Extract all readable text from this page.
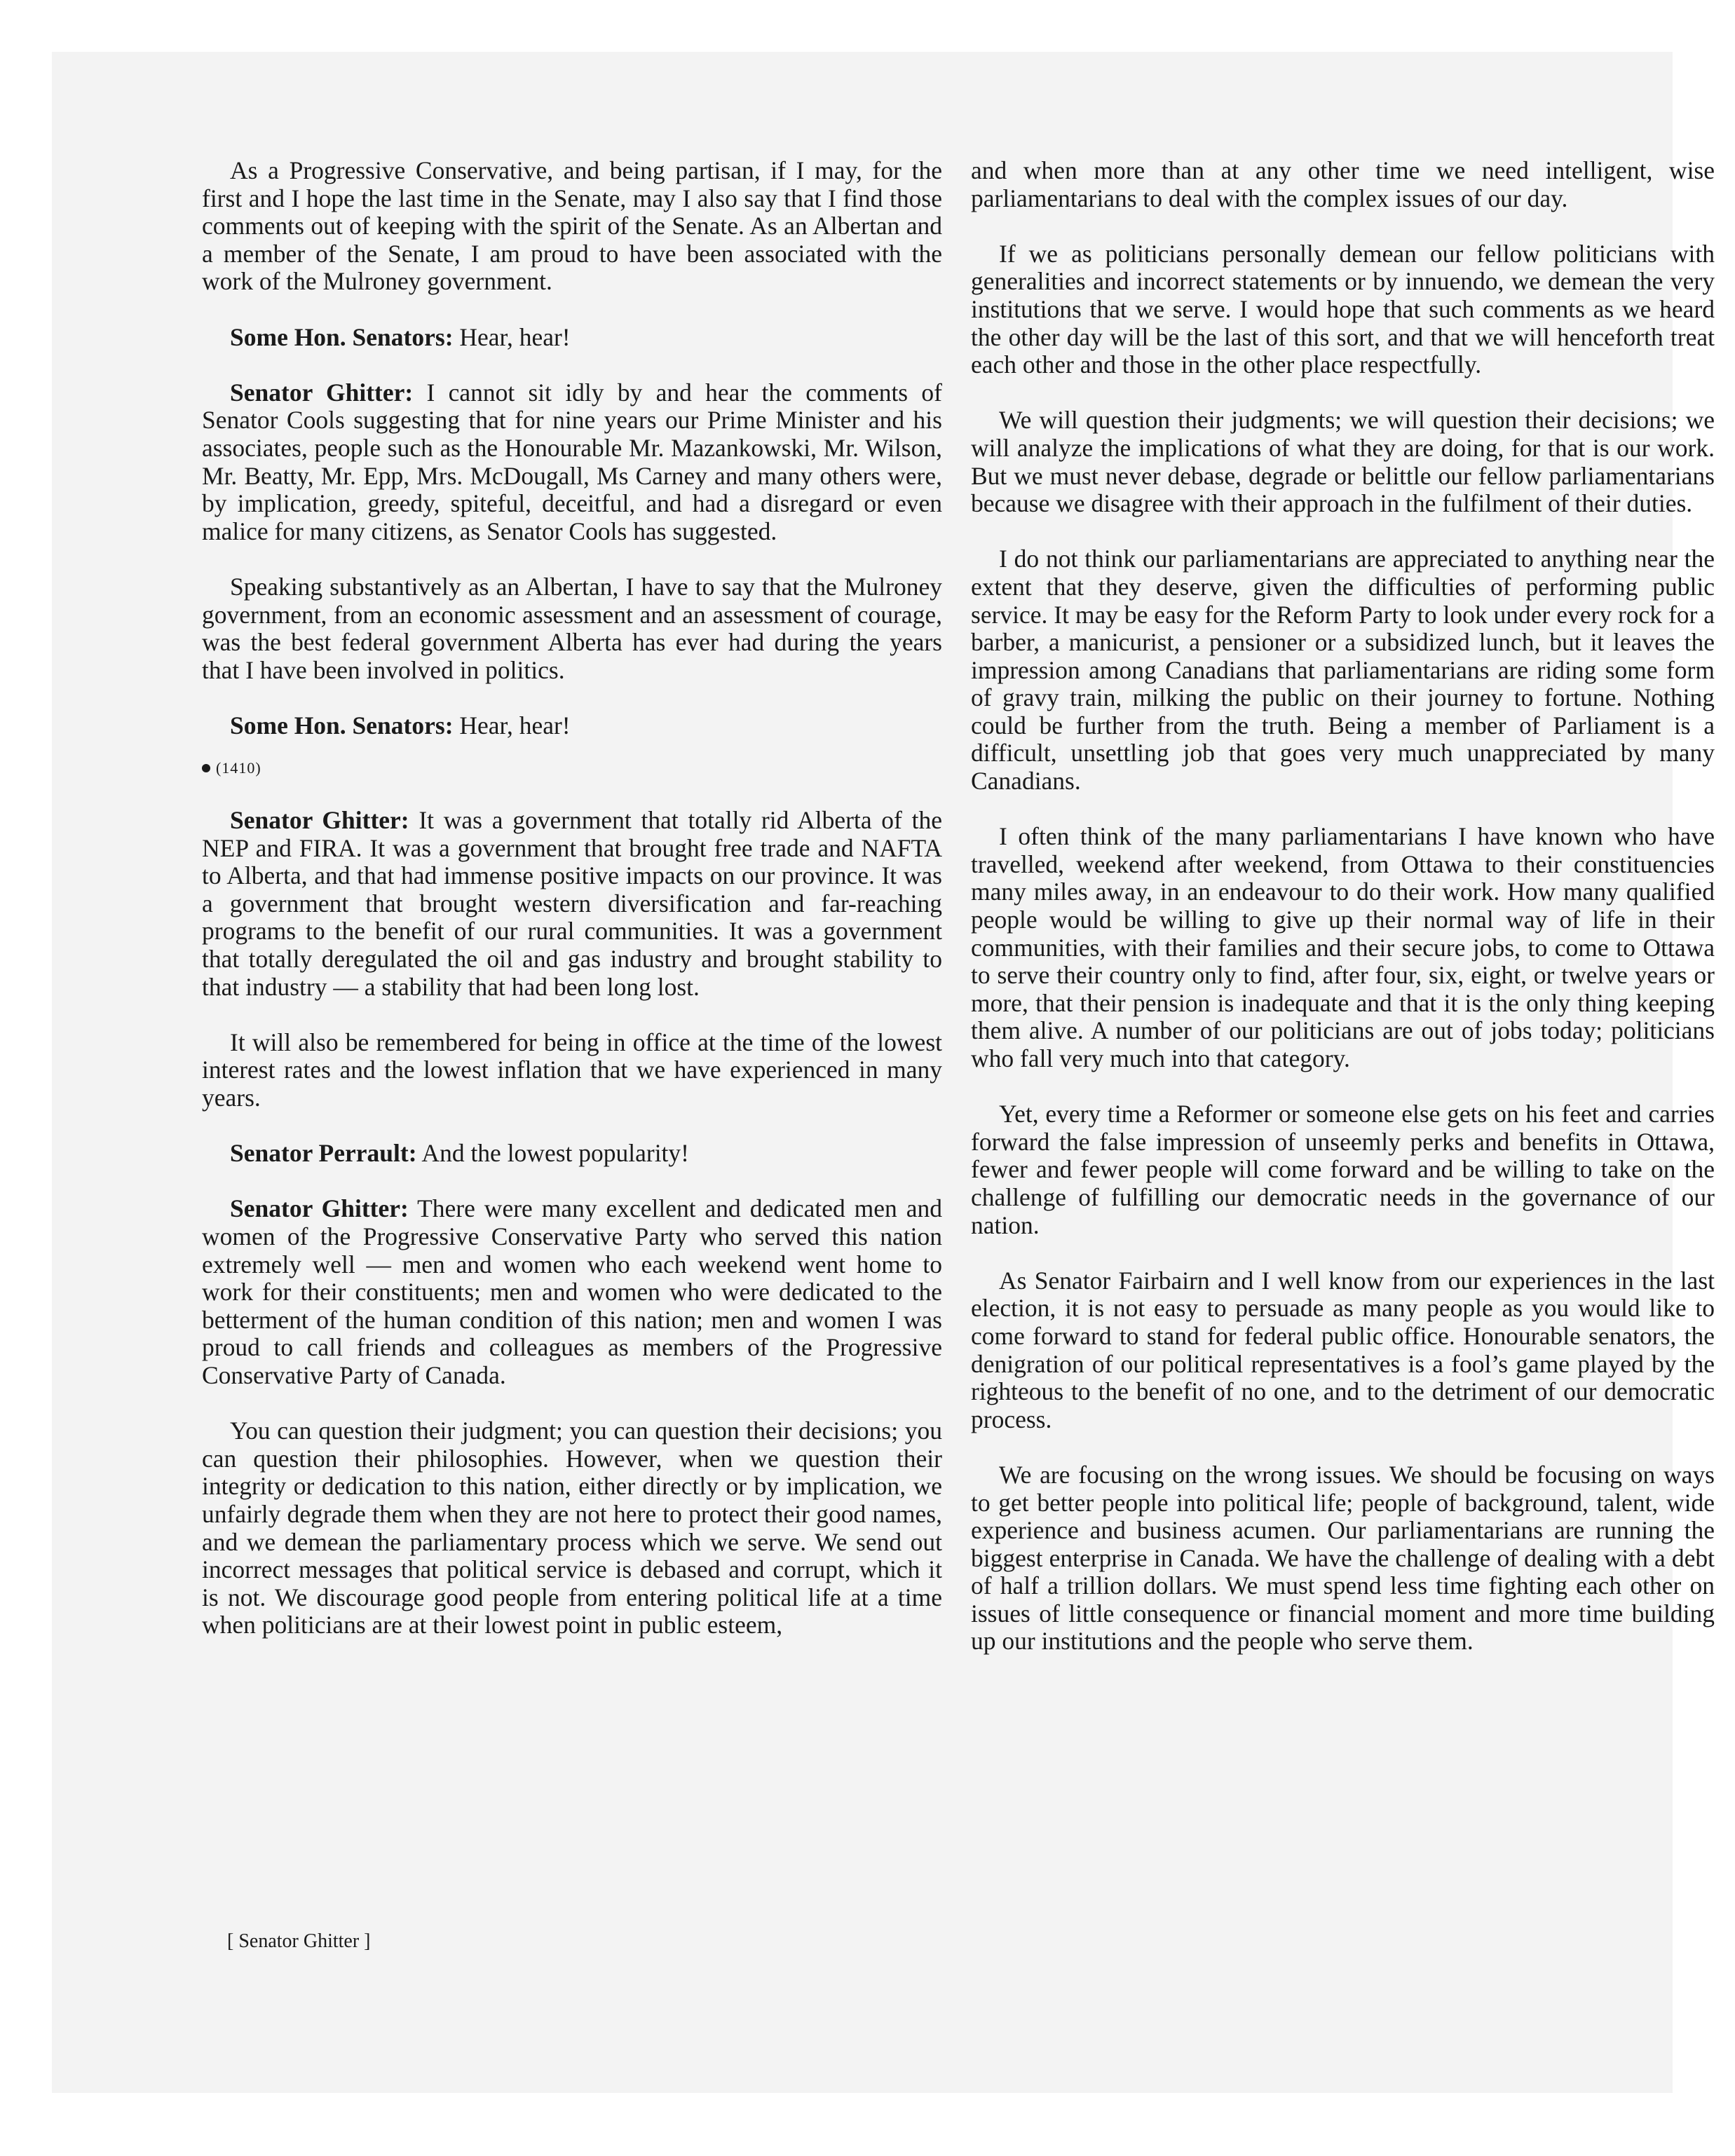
As a Progressive Conservative, and being partisan, if I may, for the first and I hope the last time in the Senate, may I also say that I find those comments out of keeping with the spirit of the Senate. As an Albertan and a member of the Senate, I am proud to have been associated with the work of the Mulroney government.

Some Hon. Senators: Hear, hear!

Senator Ghitter: I cannot sit idly by and hear the comments of Senator Cools suggesting that for nine years our Prime Minister and his associates, people such as the Honourable Mr. Mazankowski, Mr. Wilson, Mr. Beatty, Mr. Epp, Mrs. McDougall, Ms Carney and many others were, by implication, greedy, spiteful, deceitful, and had a disregard or even malice for many citizens, as Senator Cools has suggested.

Speaking substantively as an Albertan, I have to say that the Mulroney government, from an economic assessment and an assessment of courage, was the best federal government Alberta has ever had during the years that I have been involved in politics.

Some Hon. Senators: Hear, hear!

(1410)

Senator Ghitter: It was a government that totally rid Alberta of the NEP and FIRA. It was a government that brought free trade and NAFTA to Alberta, and that had immense positive impacts on our province. It was a government that brought western diversification and far-reaching programs to the benefit of our rural communities. It was a government that totally deregulated the oil and gas industry and brought stability to that industry — a stability that had been long lost.

It will also be remembered for being in office at the time of the lowest interest rates and the lowest inflation that we have experienced in many years.

Senator Perrault: And the lowest popularity!

Senator Ghitter: There were many excellent and dedicated men and women of the Progressive Conservative Party who served this nation extremely well — men and women who each weekend went home to work for their constituents; men and women who were dedicated to the betterment of the human condition of this nation; men and women I was proud to call friends and colleagues as members of the Progressive Conservative Party of Canada.

You can question their judgment; you can question their decisions; you can question their philosophies. However, when we question their integrity or dedication to this nation, either directly or by implication, we unfairly degrade them when they are not here to protect their good names, and we demean the parliamentary process which we serve. We send out incorrect messages that political service is debased and corrupt, which it is not. We discourage good people from entering political life at a time when politicians are at their lowest point in public esteem,

and when more than at any other time we need intelligent, wise parliamentarians to deal with the complex issues of our day.

If we as politicians personally demean our fellow politicians with generalities and incorrect statements or by innuendo, we demean the very institutions that we serve. I would hope that such comments as we heard the other day will be the last of this sort, and that we will henceforth treat each other and those in the other place respectfully.

We will question their judgments; we will question their decisions; we will analyze the implications of what they are doing, for that is our work. But we must never debase, degrade or belittle our fellow parliamentarians because we disagree with their approach in the fulfilment of their duties.

I do not think our parliamentarians are appreciated to anything near the extent that they deserve, given the difficulties of performing public service. It may be easy for the Reform Party to look under every rock for a barber, a manicurist, a pensioner or a subsidized lunch, but it leaves the impression among Canadians that parliamentarians are riding some form of gravy train, milking the public on their journey to fortune. Nothing could be further from the truth. Being a member of Parliament is a difficult, unsettling job that goes very much unappreciated by many Canadians.

I often think of the many parliamentarians I have known who have travelled, weekend after weekend, from Ottawa to their constituencies many miles away, in an endeavour to do their work. How many qualified people would be willing to give up their normal way of life in their communities, with their families and their secure jobs, to come to Ottawa to serve their country only to find, after four, six, eight, or twelve years or more, that their pension is inadequate and that it is the only thing keeping them alive. A number of our politicians are out of jobs today; politicians who fall very much into that category.

Yet, every time a Reformer or someone else gets on his feet and carries forward the false impression of unseemly perks and benefits in Ottawa, fewer and fewer people will come forward and be willing to take on the challenge of fulfilling our democratic needs in the governance of our nation.

As Senator Fairbairn and I well know from our experiences in the last election, it is not easy to persuade as many people as you would like to come forward to stand for federal public office. Honourable senators, the denigration of our political representatives is a fool’s game played by the righteous to the benefit of no one, and to the detriment of our democratic process.

We are focusing on the wrong issues. We should be focusing on ways to get better people into political life; people of background, talent, wide experience and business acumen. Our parliamentarians are running the biggest enterprise in Canada. We have the challenge of dealing with a debt of half a trillion dollars. We must spend less time fighting each other on issues of little consequence or financial moment and more time building up our institutions and the people who serve them.

[ Senator Ghitter ]
